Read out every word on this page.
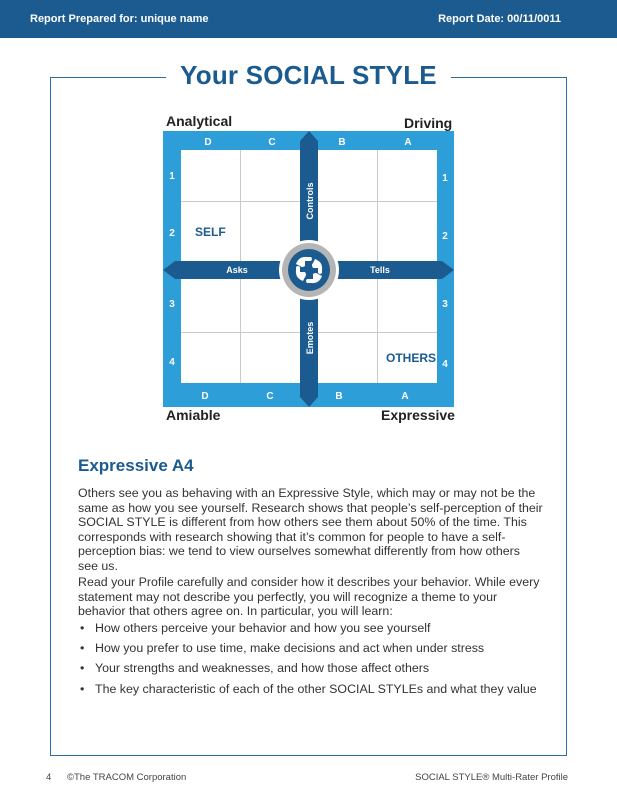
Report Prepared for: unique name	Report Date: 00/11/0011
Your SOCIAL STYLE
Analytical	Driving
Amiable	Expressive
D	C	B	A
D	C	B	A
1
2
3
4
1
2
3
4
Controls
Emotes
Asks	Tells
SELF
OTHERS
Expressive A4

Others see you as behaving with an Expressive Style, which may or may not be the same as how you see yourself. Research shows that people’s self-perception of their SOCIAL STYLE is different from how others see them about 50% of the time. This corresponds with research showing that it’s common for people to have a self-perception bias: we tend to view ourselves somewhat differently from how others see us.

Read your Profile carefully and consider how it describes your behavior. While every statement may not describe you perfectly, you will recognize a theme to your behavior that others agree on. In particular, you will learn:

• How others perceive your behavior and how you see yourself
• How you prefer to use time, make decisions and act when under stress
• Your strengths and weaknesses, and how those affect others
• The key characteristic of each of the other SOCIAL STYLEs and what they value
4 ©The TRACOM Corporation	SOCIAL STYLE® Multi-Rater Profile
